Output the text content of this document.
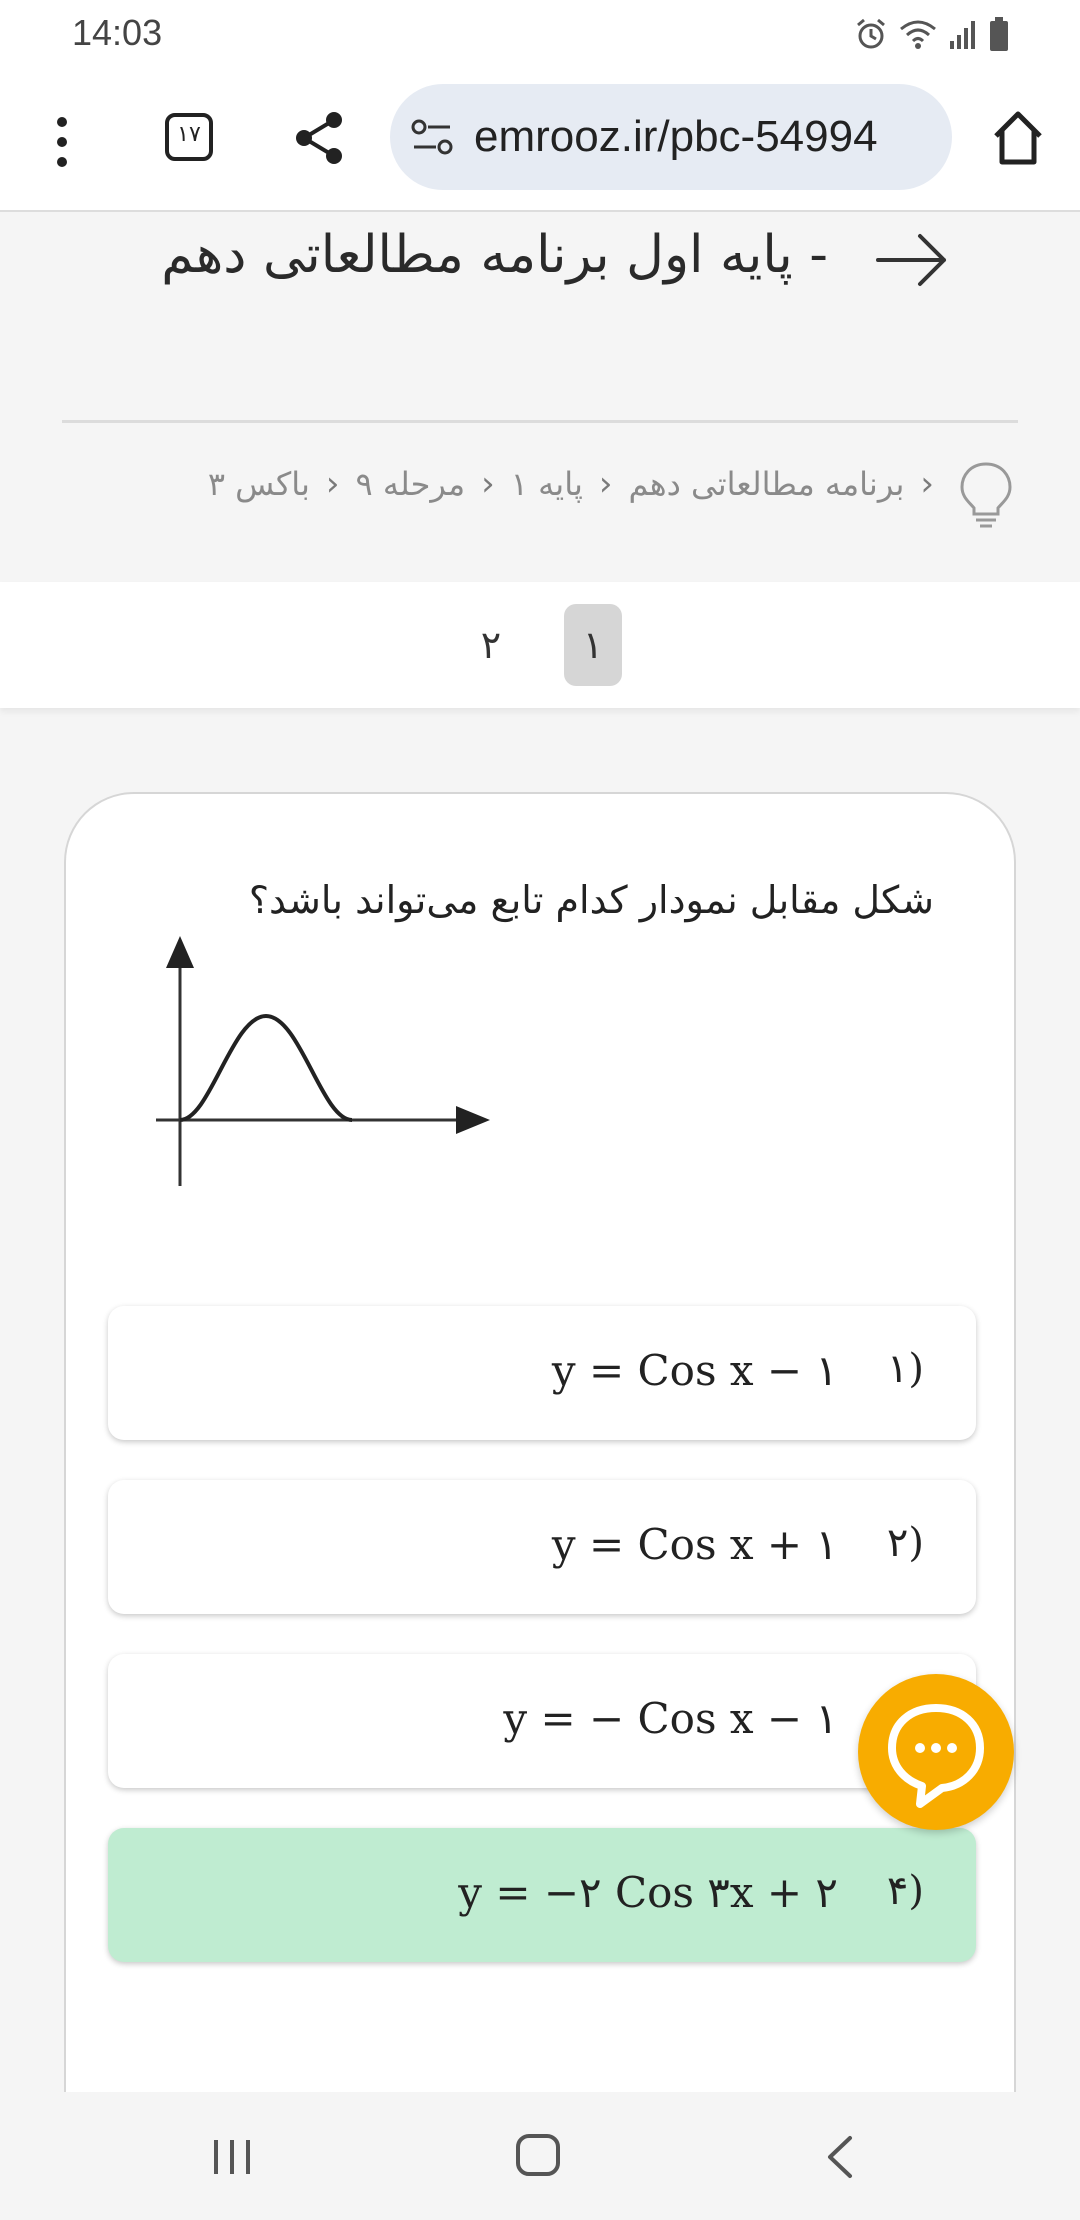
14:03
۱۷	emrooz.ir/pbc-54994
- پایه اول برنامه مطالعاتی دهم
‹
برنامه مطالعاتی دهم
‹
پایه ۱
‹
مرحله ۹
‹
باکس ۳
۱
۲
شکل مقابل نمودار کدام تابع می‌تواند باشد؟
(۱
y = Cos x − ۱
(۲
y = Cos x + ۱
y = − Cos x − ۱
(۴
y = −۲ Cos ۳x + ۲
